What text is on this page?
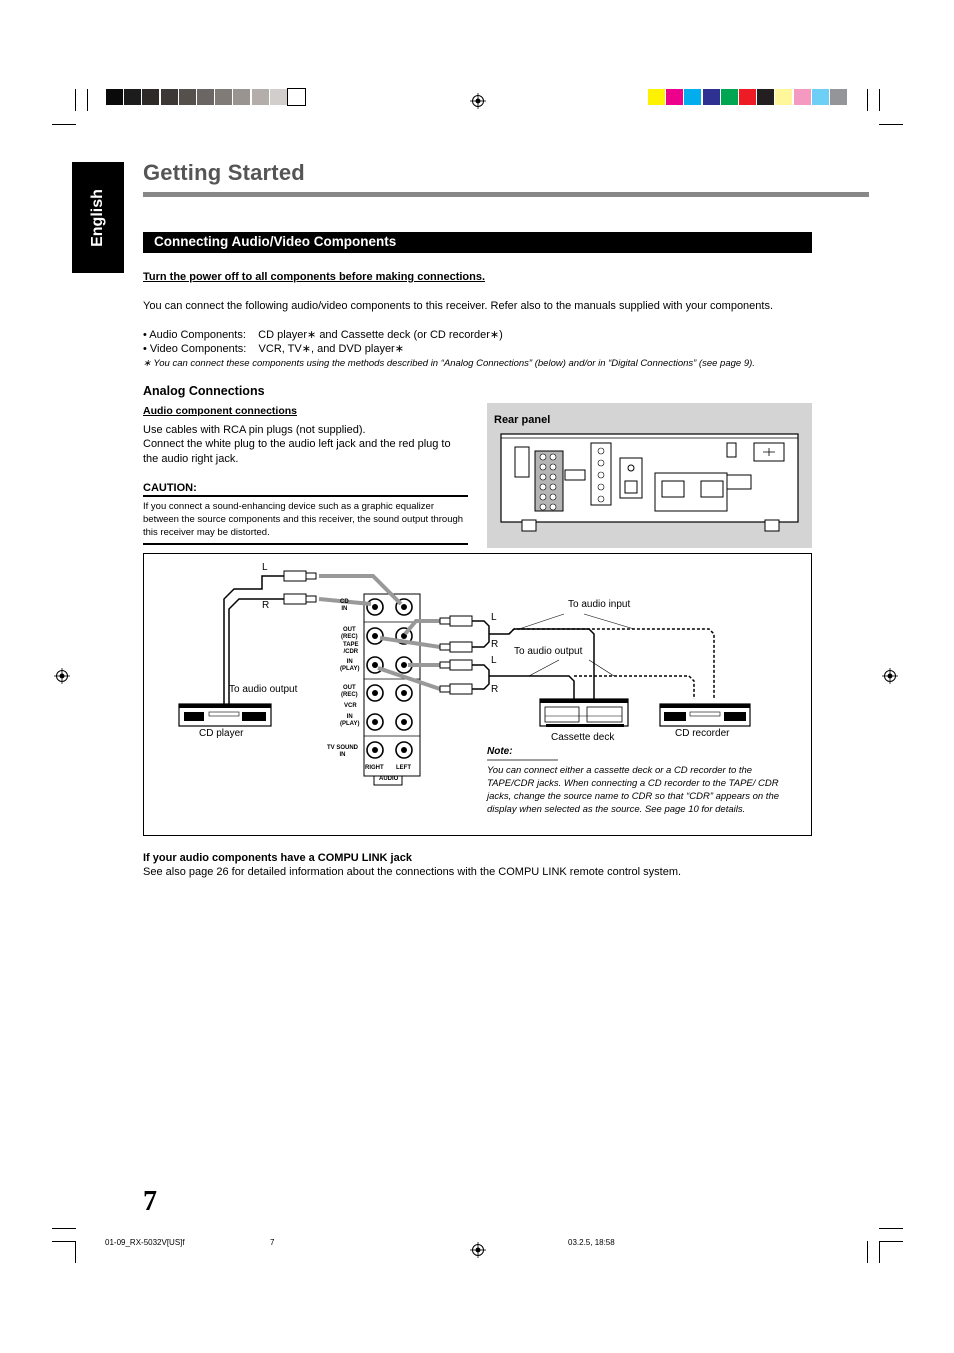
English
Getting Started
Connecting Audio/Video Components
Turn the power off to all components before making connections.
You can connect the following audio/video components to this receiver. Refer also to the manuals supplied with your components.
• Audio Components:    CD player∗ and Cassette deck (or CD recorder∗)
• Video Components:    VCR, TV∗, and DVD player∗
∗ You can connect these components using the methods described in “Analog Connections” (below) and/or in “Digital Connections” (see page 9).
Analog Connections
Audio component connections
Use cables with RCA pin plugs (not supplied).
Connect the white plug to the audio left jack and the red plug to the audio right jack.
CAUTION:
If you connect a sound-enhancing device such as a graphic equalizer between the source components and this receiver, the sound output through this receiver may be distorted.
Rear panel
L
R
To audio output
CD player
CD
IN
OUT
(REC)
TAPE
/CDR
IN
(PLAY)
OUT
(REC)
VCR
IN
(PLAY)
TV SOUND
IN
RIGHT LEFT
AUDIO
L
R
L
R
To audio input
To audio output
Cassette deck	CD recorder
Note:
You can connect either a cassette deck or a CD recorder to the TAPE/CDR jacks. When connecting a CD recorder to the TAPE/ CDR jacks, change the source name to CDR so that “CDR” appears on the display when selected as the source. See page 10 for details.
If your audio components have a COMPU LINK jack
See also page 26 for detailed information about the connections with the COMPU LINK remote control system.
7
01-09_RX-5032V[US]f	7	03.2.5, 18:58
